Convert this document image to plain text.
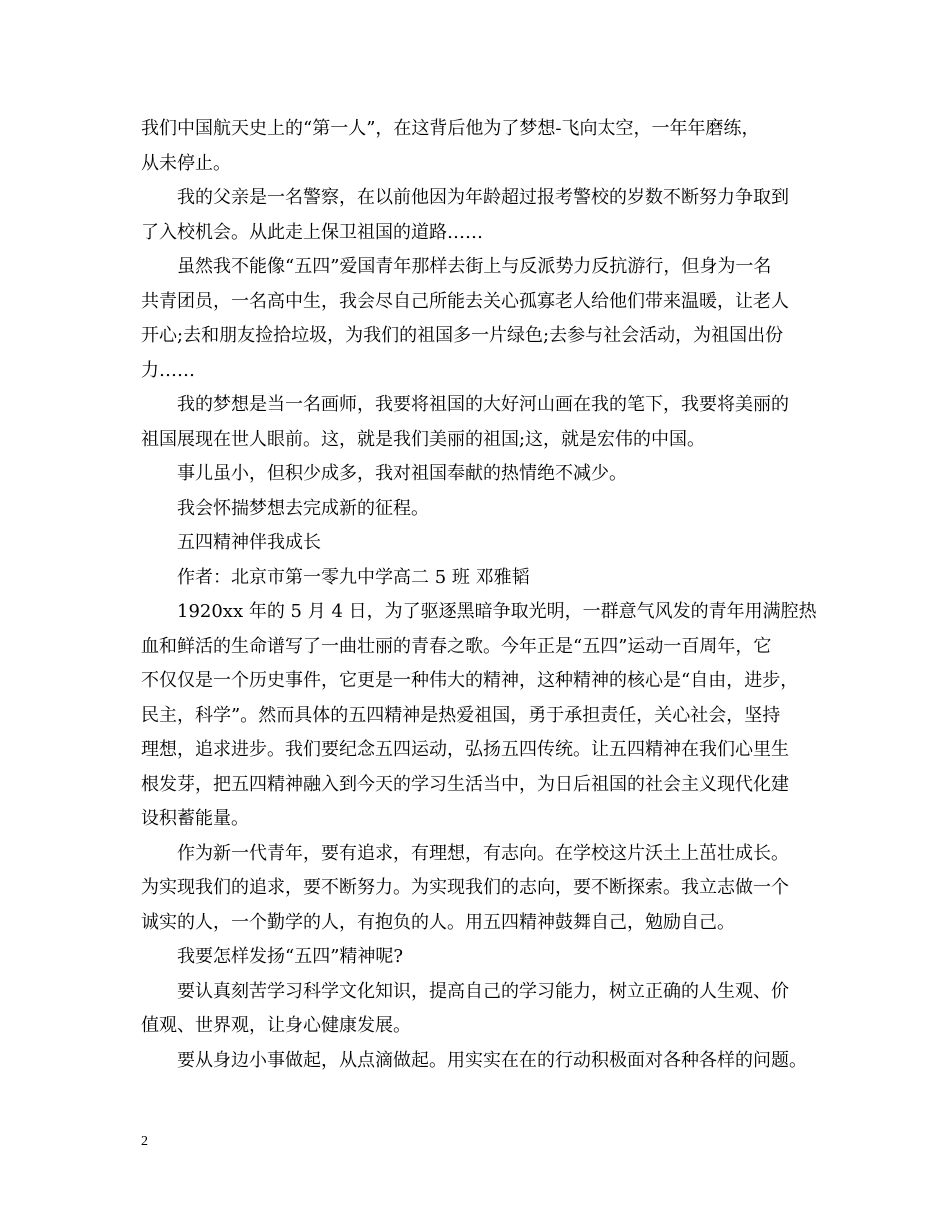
我们中国航天史上的“第一人”，在这背后他为了梦想-飞向太空，一年年磨练，
从未停止。
我的父亲是一名警察，在以前他因为年龄超过报考警校的岁数不断努力争取到
了入校机会。从此走上保卫祖国的道路……
虽然我不能像“五四”爱国青年那样去街上与反派势力反抗游行，但身为一名
共青团员，一名高中生，我会尽自己所能去关心孤寡老人给他们带来温暖，让老人
开心;去和朋友捡拾垃圾，为我们的祖国多一片绿色;去参与社会活动，为祖国出份
力……
我的梦想是当一名画师，我要将祖国的大好河山画在我的笔下，我要将美丽的
祖国展现在世人眼前。这，就是我们美丽的祖国;这，就是宏伟的中国。
事儿虽小，但积少成多，我对祖国奉献的热情绝不减少。
我会怀揣梦想去完成新的征程。
五四精神伴我成长
作者：北京市第一零九中学高二 5 班 邓雅韬
1920xx 年的 5 月 4 日，为了驱逐黑暗争取光明，一群意气风发的青年用满腔热
血和鲜活的生命谱写了一曲壮丽的青春之歌。今年正是“五四”运动一百周年，它
不仅仅是一个历史事件，它更是一种伟大的精神，这种精神的核心是“自由，进步，
民主，科学”。然而具体的五四精神是热爱祖国，勇于承担责任，关心社会，坚持
理想，追求进步。我们要纪念五四运动，弘扬五四传统。让五四精神在我们心里生
根发芽，把五四精神融入到今天的学习生活当中，为日后祖国的社会主义现代化建
设积蓄能量。
作为新一代青年，要有追求，有理想，有志向。在学校这片沃土上茁壮成长。
为实现我们的追求，要不断努力。为实现我们的志向，要不断探索。我立志做一个
诚实的人，一个勤学的人，有抱负的人。用五四精神鼓舞自己，勉励自己。
我要怎样发扬“五四”精神呢?
要认真刻苦学习科学文化知识，提高自己的学习能力，树立正确的人生观、价
值观、世界观，让身心健康发展。
要从身边小事做起，从点滴做起。用实实在在的行动积极面对各种各样的问题。
2
